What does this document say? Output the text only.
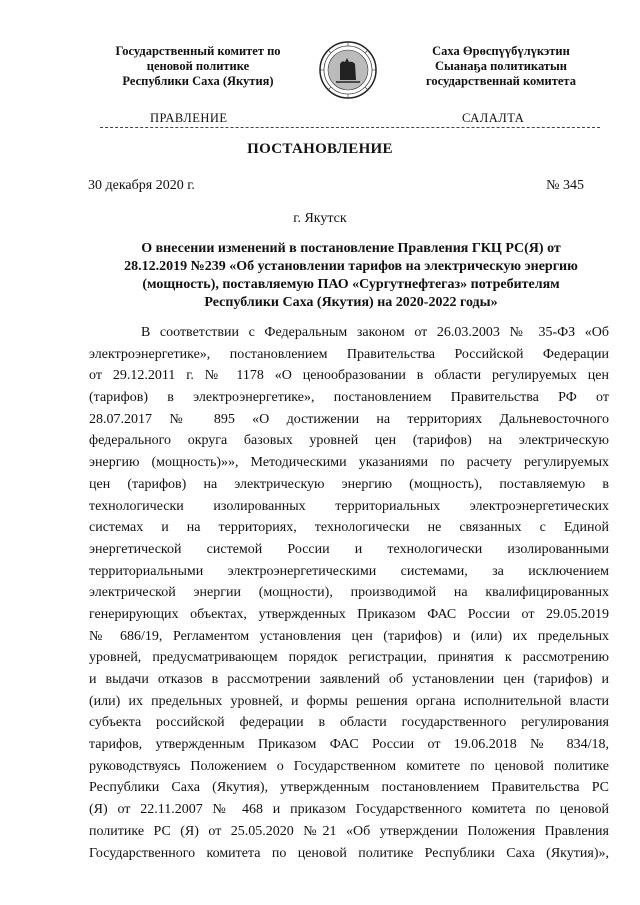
Государственный комитет по
ценовой политике
Республики Саха (Якутия)
Саха Өрөспүүбүлүкэтин
Сыанаҕа политикатын
государственнай комитета
ПРАВЛЕНИЕ	САЛАЛТА
ПОСТАНОВЛЕНИЕ
30 декабря 2020 г.	№ 345
г. Якутск
О внесении изменений в постановление Правления ГКЦ РС(Я) от
28.12.2019 №239 «Об установлении тарифов на электрическую энергию
(мощность), поставляемую ПАО «Сургутнефтегаз» потребителям
Республики Саха (Якутия) на 2020-2022 годы»
В соответствии с Федеральным законом от 26.03.2003 № 35-ФЗ «Об
электроэнергетике», постановлением Правительства Российской Федерации
от 29.12.2011 г. № 1178 «О ценообразовании в области регулируемых цен
(тарифов) в электроэнергетике», постановлением Правительства РФ от
28.07.2017 № 895 «О достижении на территориях Дальневосточного
федерального округа базовых уровней цен (тарифов) на электрическую
энергию (мощность)»», Методическими указаниями по расчету регулируемых
цен (тарифов) на электрическую энергию (мощность), поставляемую в
технологически изолированных территориальных электроэнергетических
системах и на территориях, технологически не связанных с Единой
энергетической системой России и технологически изолированными
территориальными электроэнергетическими системами, за исключением
электрической энергии (мощности), производимой на квалифицированных
генерирующих объектах, утвержденных Приказом ФАС России от 29.05.2019
№ 686/19, Регламентом установления цен (тарифов) и (или) их предельных
уровней, предусматривающем порядок регистрации, принятия к рассмотрению
и выдачи отказов в рассмотрении заявлений об установлении цен (тарифов) и
(или) их предельных уровней, и формы решения органа исполнительной власти
субъекта российской федерации в области государственного регулирования
тарифов, утвержденным Приказом ФАС России от 19.06.2018 № 834/18,
руководствуясь Положением о Государственном комитете по ценовой политике
Республики Саха (Якутия), утвержденным постановлением Правительства РС
(Я) от 22.11.2007 № 468 и приказом Государственного комитета по ценовой
политике РС (Я) от 25.05.2020 №21 «Об утверждении Положения Правления
Государственного комитета по ценовой политике Республики Саха (Якутия)»,
